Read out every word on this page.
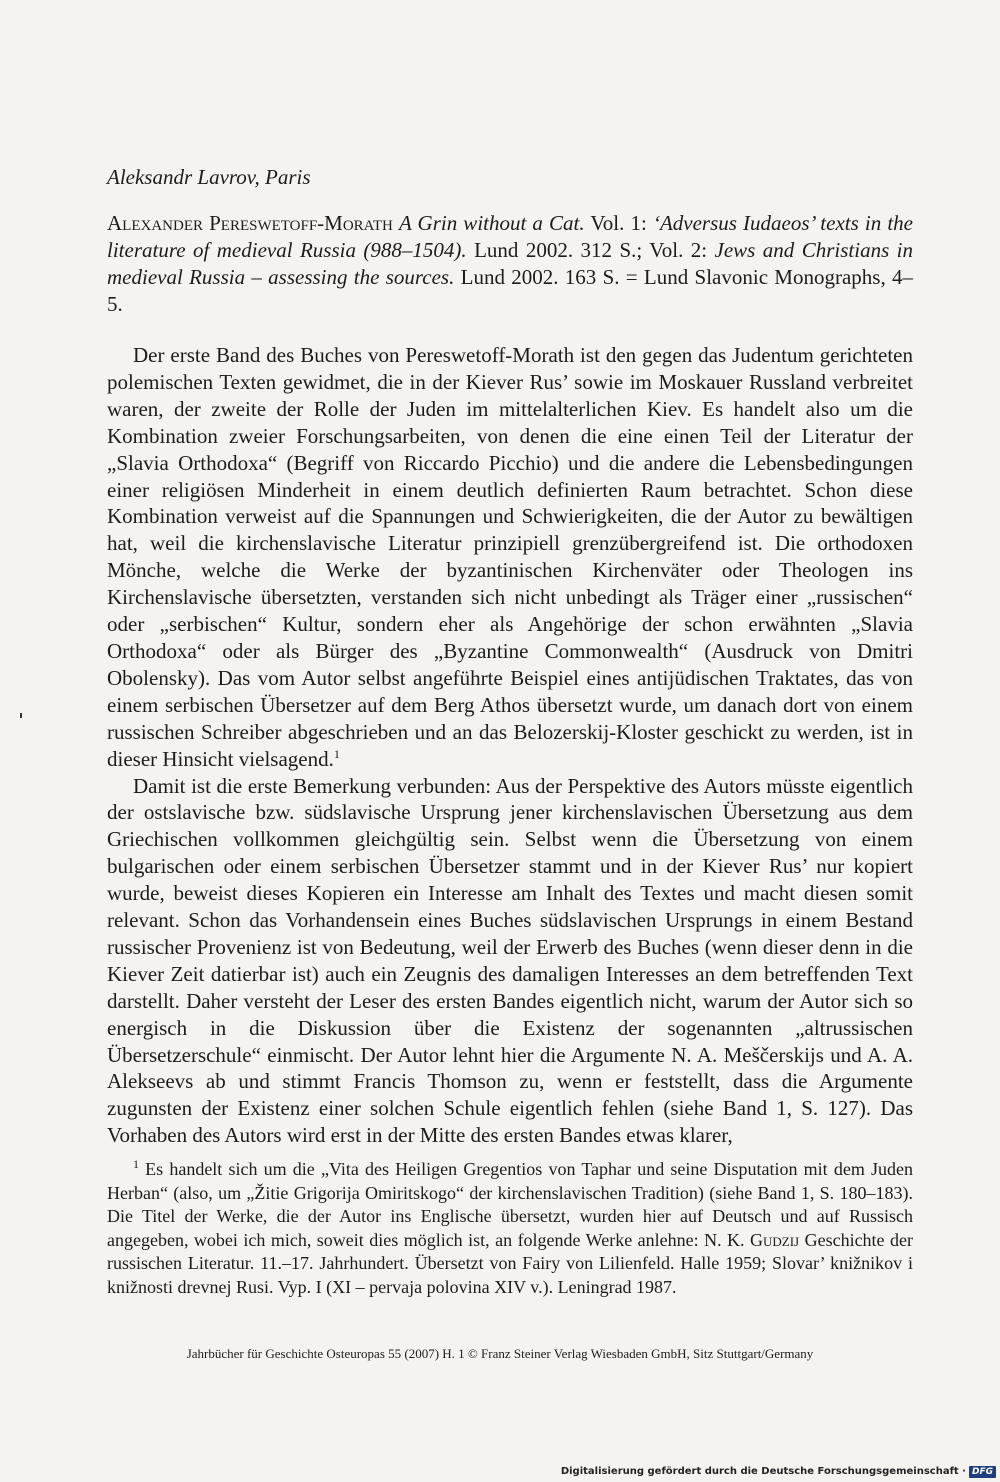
Aleksandr Lavrov, Paris

Alexander Pereswetoff-Morath A Grin without a Cat. Vol. 1: ‘Adversus Iudaeos’ texts in the literature of medieval Russia (988–1504). Lund 2002. 312 S.; Vol. 2: Jews and Christians in medieval Russia – assessing the sources. Lund 2002. 163 S. = Lund Slavonic Monographs, 4–5.

Der erste Band des Buches von Pereswetoff-Morath ist den gegen das Judentum gerichteten polemischen Texten gewidmet, die in der Kiever Rus’ sowie im Moskauer Russland verbreitet waren, der zweite der Rolle der Juden im mittelalterlichen Kiev. Es handelt also um die Kombination zweier Forschungsarbeiten, von denen die eine einen Teil der Literatur der „Slavia Orthodoxa“ (Begriff von Riccardo Picchio) und die andere die Lebensbedingungen einer religiösen Minderheit in einem deutlich definierten Raum betrachtet. Schon diese Kombination verweist auf die Spannungen und Schwierigkeiten, die der Autor zu bewältigen hat, weil die kirchenslavische Literatur prinzipiell grenzübergreifend ist. Die orthodoxen Mönche, welche die Werke der byzantinischen Kirchenväter oder Theologen ins Kirchenslavische übersetzten, verstanden sich nicht unbedingt als Träger einer „russischen“ oder „serbischen“ Kultur, sondern eher als Angehörige der schon erwähnten „Slavia Orthodoxa“ oder als Bürger des „Byzantine Commonwealth“ (Ausdruck von Dmitri Obolensky). Das vom Autor selbst angeführte Beispiel eines antijüdischen Traktates, das von einem serbischen Übersetzer auf dem Berg Athos übersetzt wurde, um danach dort von einem russischen Schreiber abgeschrieben und an das Belozerskij-Kloster geschickt zu werden, ist in dieser Hinsicht vielsagend.$^1$

Damit ist die erste Bemerkung verbunden: Aus der Perspektive des Autors müsste eigentlich der ostslavische bzw. südslavische Ursprung jener kirchenslavischen Übersetzung aus dem Griechischen vollkommen gleichgültig sein. Selbst wenn die Übersetzung von einem bulgarischen oder einem serbischen Übersetzer stammt und in der Kiever Rus’ nur kopiert wurde, beweist dieses Kopieren ein Interesse am Inhalt des Textes und macht diesen somit relevant. Schon das Vorhandensein eines Buches südslavischen Ursprungs in einem Bestand russischer Provenienz ist von Bedeutung, weil der Erwerb des Buches (wenn dieser denn in die Kiever Zeit datierbar ist) auch ein Zeugnis des damaligen Interesses an dem betreffenden Text darstellt. Daher versteht der Leser des ersten Bandes eigentlich nicht, warum der Autor sich so energisch in die Diskussion über die Existenz der sogenannten „altrussischen Übersetzerschule“ einmischt. Der Autor lehnt hier die Argumente N. A. Meščerskijs und A. A. Alekseevs ab und stimmt Francis Thomson zu, wenn er feststellt, dass die Argumente zugunsten der Existenz einer solchen Schule eigentlich fehlen (siehe Band 1, S. 127). Das Vorhaben des Autors wird erst in der Mitte des ersten Bandes etwas klarer,

$^1$ Es handelt sich um die „Vita des Heiligen Gregentios von Taphar und seine Disputation mit dem Juden Herban“ (also, um „Žitie Grigorija Omiritskogo“ der kirchenslavischen Tradition) (siehe Band 1, S. 180–183). Die Titel der Werke, die der Autor ins Englische übersetzt, wurden hier auf Deutsch und auf Russisch angegeben, wobei ich mich, soweit dies möglich ist, an folgende Werke anlehne: N. K. Gudzij Geschichte der russischen Literatur. 11.–17. Jahrhundert. Übersetzt von Fairy von Lilienfeld. Halle 1959; Slovar’ knižnikov i knižnosti drevnej Rusi. Vyp. I (XI – pervaja polovina XIV v.). Leningrad 1987.

Jahrbücher für Geschichte Osteuropas 55 (2007) H. 1 © Franz Steiner Verlag Wiesbaden GmbH, Sitz Stuttgart/Germany

Digitalisierung gefördert durch die Deutsche Forschungsgemeinschaft · DFG
